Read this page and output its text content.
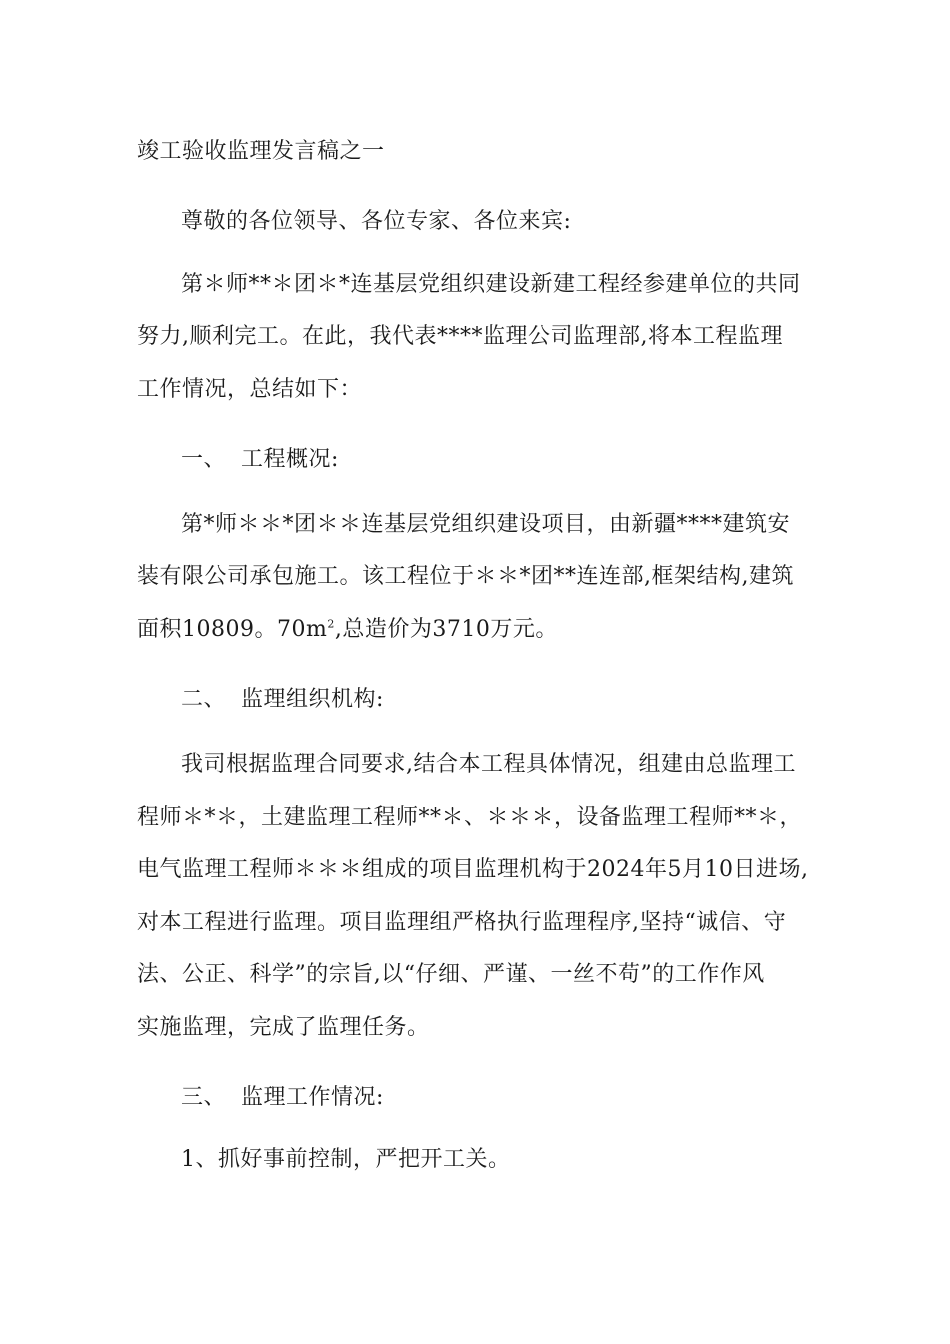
竣工验收监理发言稿之一
尊敬的各位领导、各位专家、各位来宾:
第＊师**＊团＊*连基层党组织建设新建工程经参建单位的共同
努力,顺利完工。在此，我代表****监理公司监理部,将本工程监理
工作情况，总结如下：
一、  工程概况:
第*师＊＊*团＊＊连基层党组织建设项目，由新疆****建筑安
装有限公司承包施工。该工程位于＊＊*团**连连部,框架结构,建筑
面积10809。$70m^2$,总造价为3710万元。
二、  监理组织机构:
我司根据监理合同要求,结合本工程具体情况，组建由总监理工
程师＊*＊，土建监理工程师**＊、＊＊＊，设备监理工程师**＊，
电气监理工程师＊＊＊组成的项目监理机构于2024年5月10日进场,
对本工程进行监理。项目监理组严格执行监理程序,坚持“诚信、守
法、公正、科学”的宗旨,以“仔细、严谨、一丝不苟”的工作作风
实施监理，完成了监理任务。
三、  监理工作情况:
1、抓好事前控制，严把开工关。
